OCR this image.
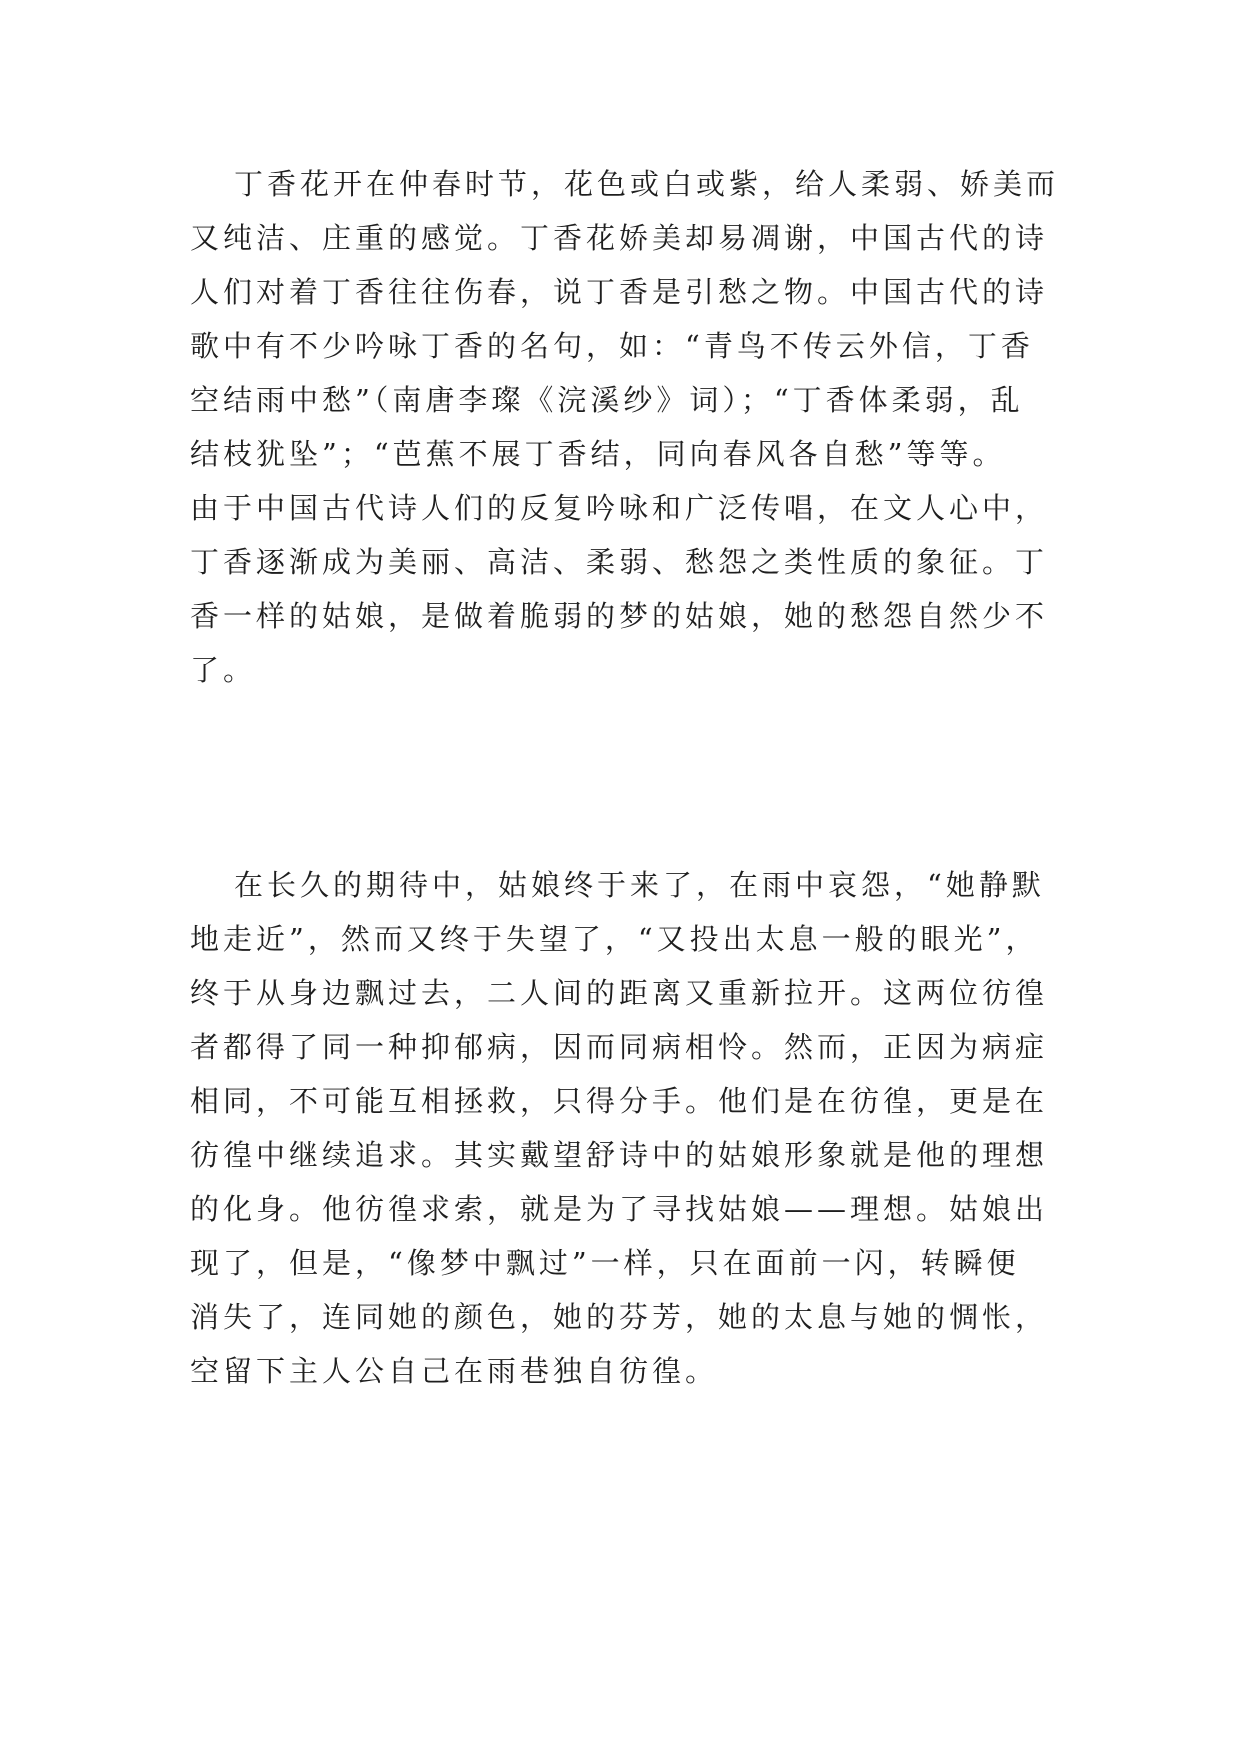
丁香花开在仲春时节，花色或白或紫，给人柔弱、娇美而
又纯洁、庄重的感觉。丁香花娇美却易凋谢，中国古代的诗
人们对着丁香往往伤春，说丁香是引愁之物。中国古代的诗
歌中有不少吟咏丁香的名句，如：“青鸟不传云外信，丁香
空结雨中愁”（南唐李璨《浣溪纱》词）；“丁香体柔弱，乱
结枝犹坠”；“芭蕉不展丁香结，同向春风各自愁”等等。
由于中国古代诗人们的反复吟咏和广泛传唱，在文人心中，
丁香逐渐成为美丽、高洁、柔弱、愁怨之类性质的象征。丁
香一样的姑娘，是做着脆弱的梦的姑娘，她的愁怨自然少不
了。
在长久的期待中，姑娘终于来了，在雨中哀怨，“她静默
地走近”，然而又终于失望了，“又投出太息一般的眼光”，
终于从身边飘过去，二人间的距离又重新拉开。这两位彷徨
者都得了同一种抑郁病，因而同病相怜。然而，正因为病症
相同，不可能互相拯救，只得分手。他们是在彷徨，更是在
彷徨中继续追求。其实戴望舒诗中的姑娘形象就是他的理想
的化身。他彷徨求索，就是为了寻找姑娘——理想。姑娘出
现了，但是，“像梦中飘过”一样，只在面前一闪，转瞬便
消失了，连同她的颜色，她的芬芳，她的太息与她的惆怅，
空留下主人公自己在雨巷独自彷徨。
